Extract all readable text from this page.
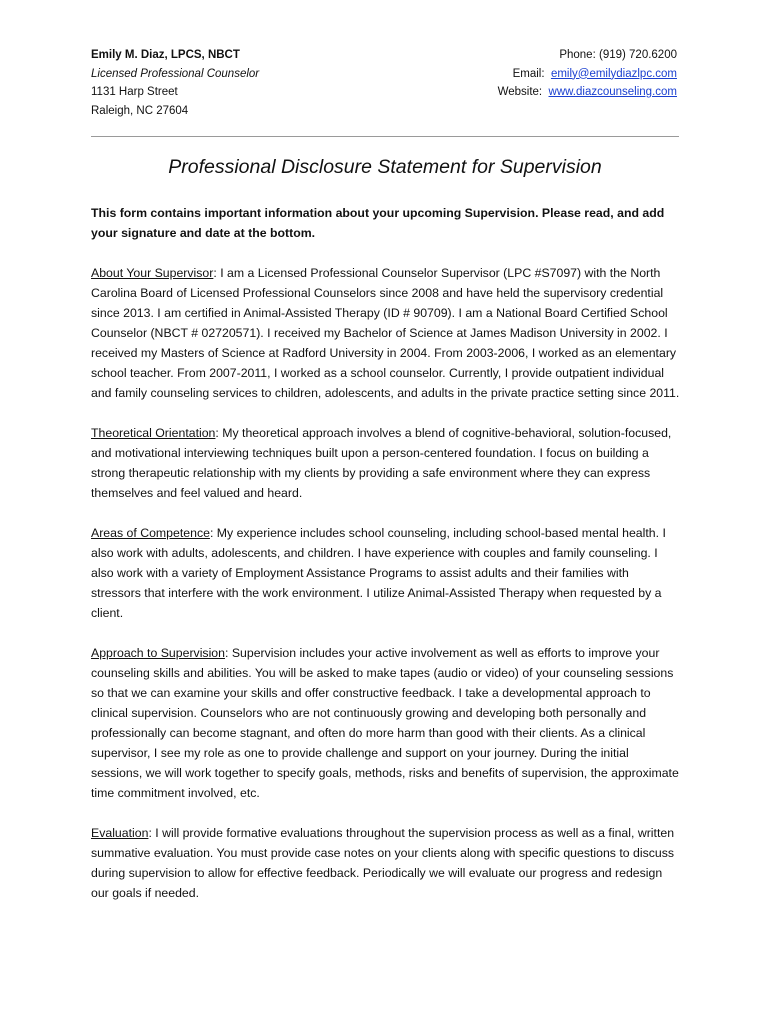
Emily M. Diaz, LPCS, NBCT
Licensed Professional Counselor
1131 Harp Street
Raleigh, NC 27604
Phone: (919) 720.6200
Email: emily@emilydiazlpc.com
Website: www.diazcounseling.com
Professional Disclosure Statement for Supervision

This form contains important information about your upcoming Supervision. Please read, and add your signature and date at the bottom.

About Your Supervisor: I am a Licensed Professional Counselor Supervisor (LPC #S7097) with the North Carolina Board of Licensed Professional Counselors since 2008 and have held the supervisory credential since 2013. I am certified in Animal-Assisted Therapy (ID # 90709). I am a National Board Certified School Counselor (NBCT # 02720571). I received my Bachelor of Science at James Madison University in 2002. I received my Masters of Science at Radford University in 2004. From 2003-2006, I worked as an elementary school teacher. From 2007-2011, I worked as a school counselor. Currently, I provide outpatient individual and family counseling services to children, adolescents, and adults in the private practice setting since 2011.

Theoretical Orientation: My theoretical approach involves a blend of cognitive-behavioral, solution-focused, and motivational interviewing techniques built upon a person-centered foundation. I focus on building a strong therapeutic relationship with my clients by providing a safe environment where they can express themselves and feel valued and heard.

Areas of Competence: My experience includes school counseling, including school-based mental health. I also work with adults, adolescents, and children. I have experience with couples and family counseling. I also work with a variety of Employment Assistance Programs to assist adults and their families with stressors that interfere with the work environment. I utilize Animal-Assisted Therapy when requested by a client.

Approach to Supervision: Supervision includes your active involvement as well as efforts to improve your counseling skills and abilities. You will be asked to make tapes (audio or video) of your counseling sessions so that we can examine your skills and offer constructive feedback. I take a developmental approach to clinical supervision. Counselors who are not continuously growing and developing both personally and professionally can become stagnant, and often do more harm than good with their clients. As a clinical supervisor, I see my role as one to provide challenge and support on your journey. During the initial sessions, we will work together to specify goals, methods, risks and benefits of supervision, the approximate time commitment involved, etc.

Evaluation: I will provide formative evaluations throughout the supervision process as well as a final, written summative evaluation. You must provide case notes on your clients along with specific questions to discuss during supervision to allow for effective feedback. Periodically we will evaluate our progress and redesign our goals if needed.
